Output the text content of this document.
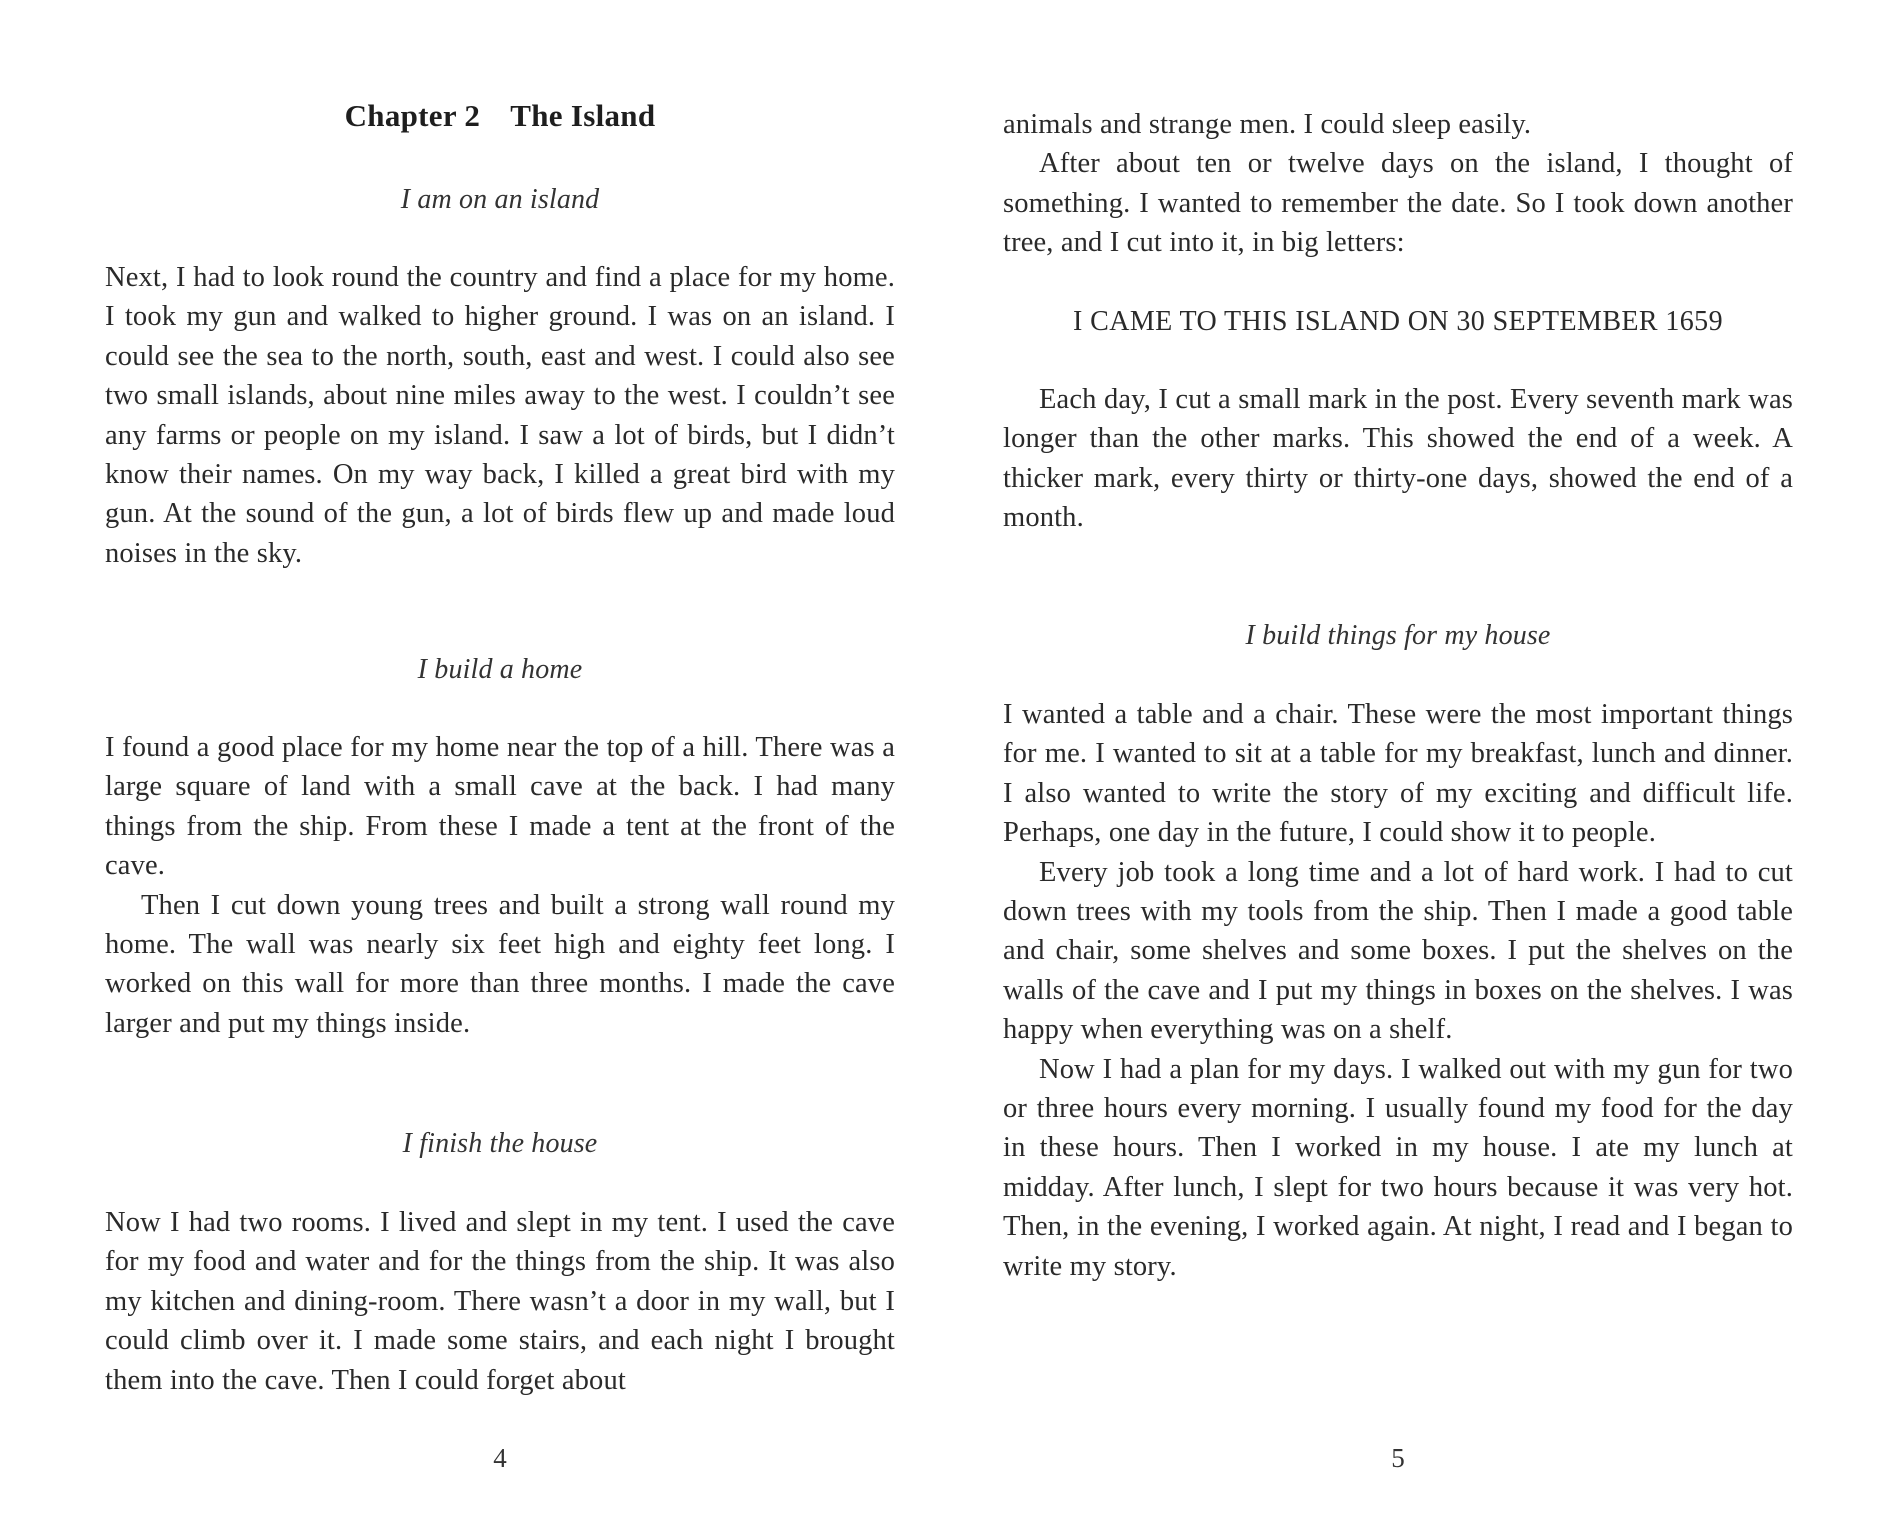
Chapter 2 The Island

I am on an island

Next, I had to look round the country and find a place for my home. I took my gun and walked to higher ground. I was on an island. I could see the sea to the north, south, east and west. I could also see two small islands, about nine miles away to the west. I couldn’t see any farms or people on my island. I saw a lot of birds, but I didn’t know their names. On my way back, I killed a great bird with my gun. At the sound of the gun, a lot of birds flew up and made loud noises in the sky.

I build a home

I found a good place for my home near the top of a hill. There was a large square of land with a small cave at the back. I had many things from the ship. From these I made a tent at the front of the cave.

Then I cut down young trees and built a strong wall round my home. The wall was nearly six feet high and eighty feet long. I worked on this wall for more than three months. I made the cave larger and put my things inside.

I finish the house

Now I had two rooms. I lived and slept in my tent. I used the cave for my food and water and for the things from the ship. It was also my kitchen and dining-room. There wasn’t a door in my wall, but I could climb over it. I made some stairs, and each night I brought them into the cave. Then I could forget about

4

animals and strange men. I could sleep easily.

After about ten or twelve days on the island, I thought of something. I wanted to remember the date. So I took down another tree, and I cut into it, in big letters:

I CAME TO THIS ISLAND ON 30 SEPTEMBER 1659

Each day, I cut a small mark in the post. Every seventh mark was longer than the other marks. This showed the end of a week. A thicker mark, every thirty or thirty-one days, showed the end of a month.

I build things for my house

I wanted a table and a chair. These were the most important things for me. I wanted to sit at a table for my breakfast, lunch and dinner. I also wanted to write the story of my exciting and difficult life. Perhaps, one day in the future, I could show it to people.

Every job took a long time and a lot of hard work. I had to cut down trees with my tools from the ship. Then I made a good table and chair, some shelves and some boxes. I put the shelves on the walls of the cave and I put my things in boxes on the shelves. I was happy when everything was on a shelf.

Now I had a plan for my days. I walked out with my gun for two or three hours every morning. I usually found my food for the day in these hours. Then I worked in my house. I ate my lunch at midday. After lunch, I slept for two hours because it was very hot. Then, in the evening, I worked again. At night, I read and I began to write my story.

5
